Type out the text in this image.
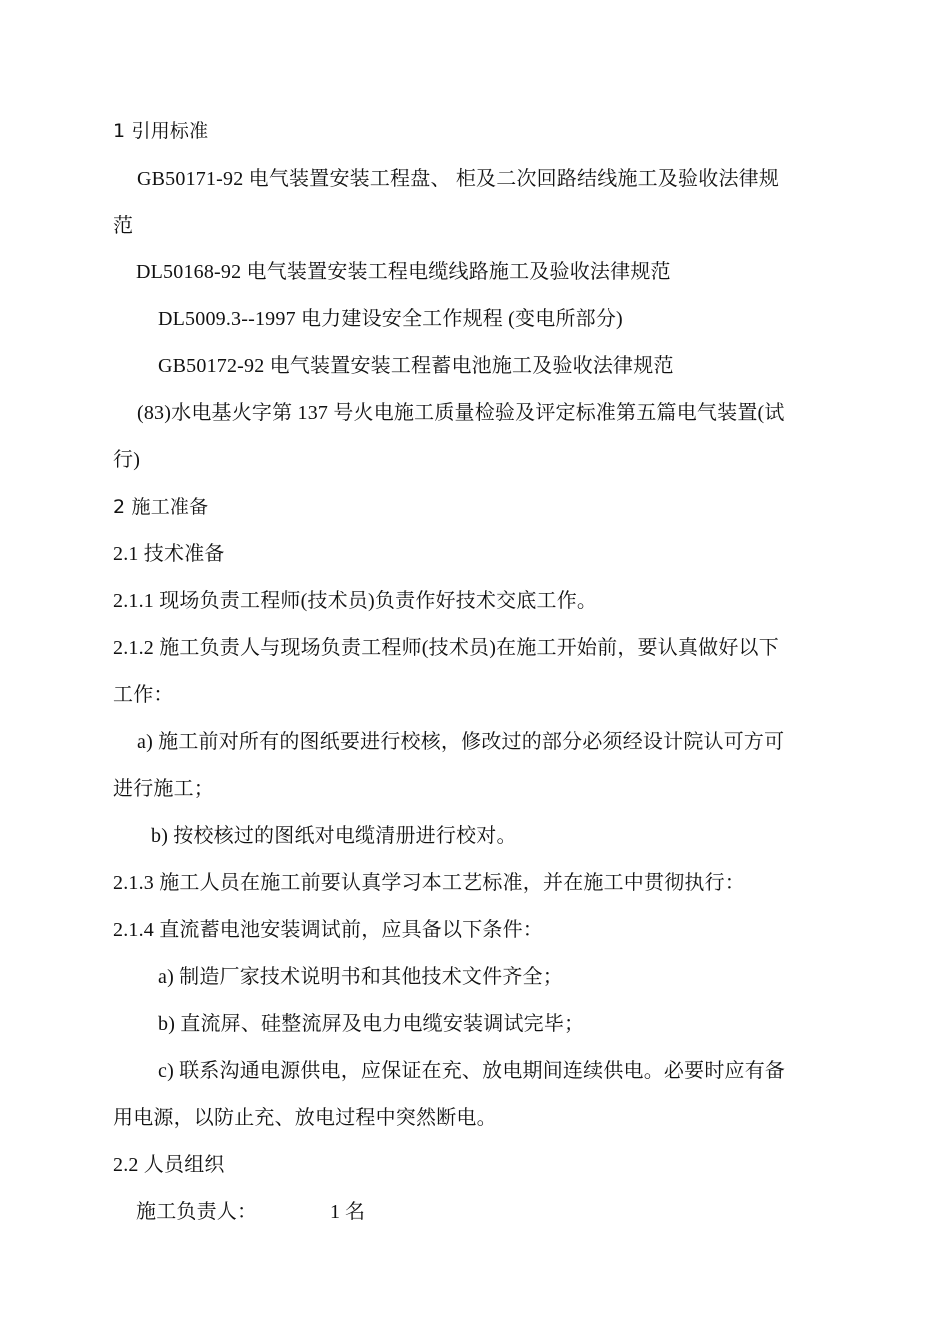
1 引用标准
GB50171-92 电气装置安装工程盘、 柜及二次回路结线施工及验收法律规
范
DL50168-92 电气装置安装工程电缆线路施工及验收法律规范
DL5009.3--1997 电力建设安全工作规程 (变电所部分)
GB50172-92 电气装置安装工程蓄电池施工及验收法律规范
(83)水电基火字第 137 号火电施工质量检验及评定标准第五篇电气装置(试
行)
2 施工准备
2.1 技术准备
2.1.1 现场负责工程师(技术员)负责作好技术交底工作。
2.1.2 施工负责人与现场负责工程师(技术员)在施工开始前，要认真做好以下
工作：
a) 施工前对所有的图纸要进行校核，修改过的部分必须经设计院认可方可
进行施工；
b) 按校核过的图纸对电缆清册进行校对。
2.1.3 施工人员在施工前要认真学习本工艺标准，并在施工中贯彻执行：
2.1.4 直流蓄电池安装调试前，应具备以下条件：
a) 制造厂家技术说明书和其他技术文件齐全；
b) 直流屏、硅整流屏及电力电缆安装调试完毕；
c) 联系沟通电源供电，应保证在充、放电期间连续供电。必要时应有备
用电源，以防止充、放电过程中突然断电。
2.2 人员组织
施工负责人：	1 名
